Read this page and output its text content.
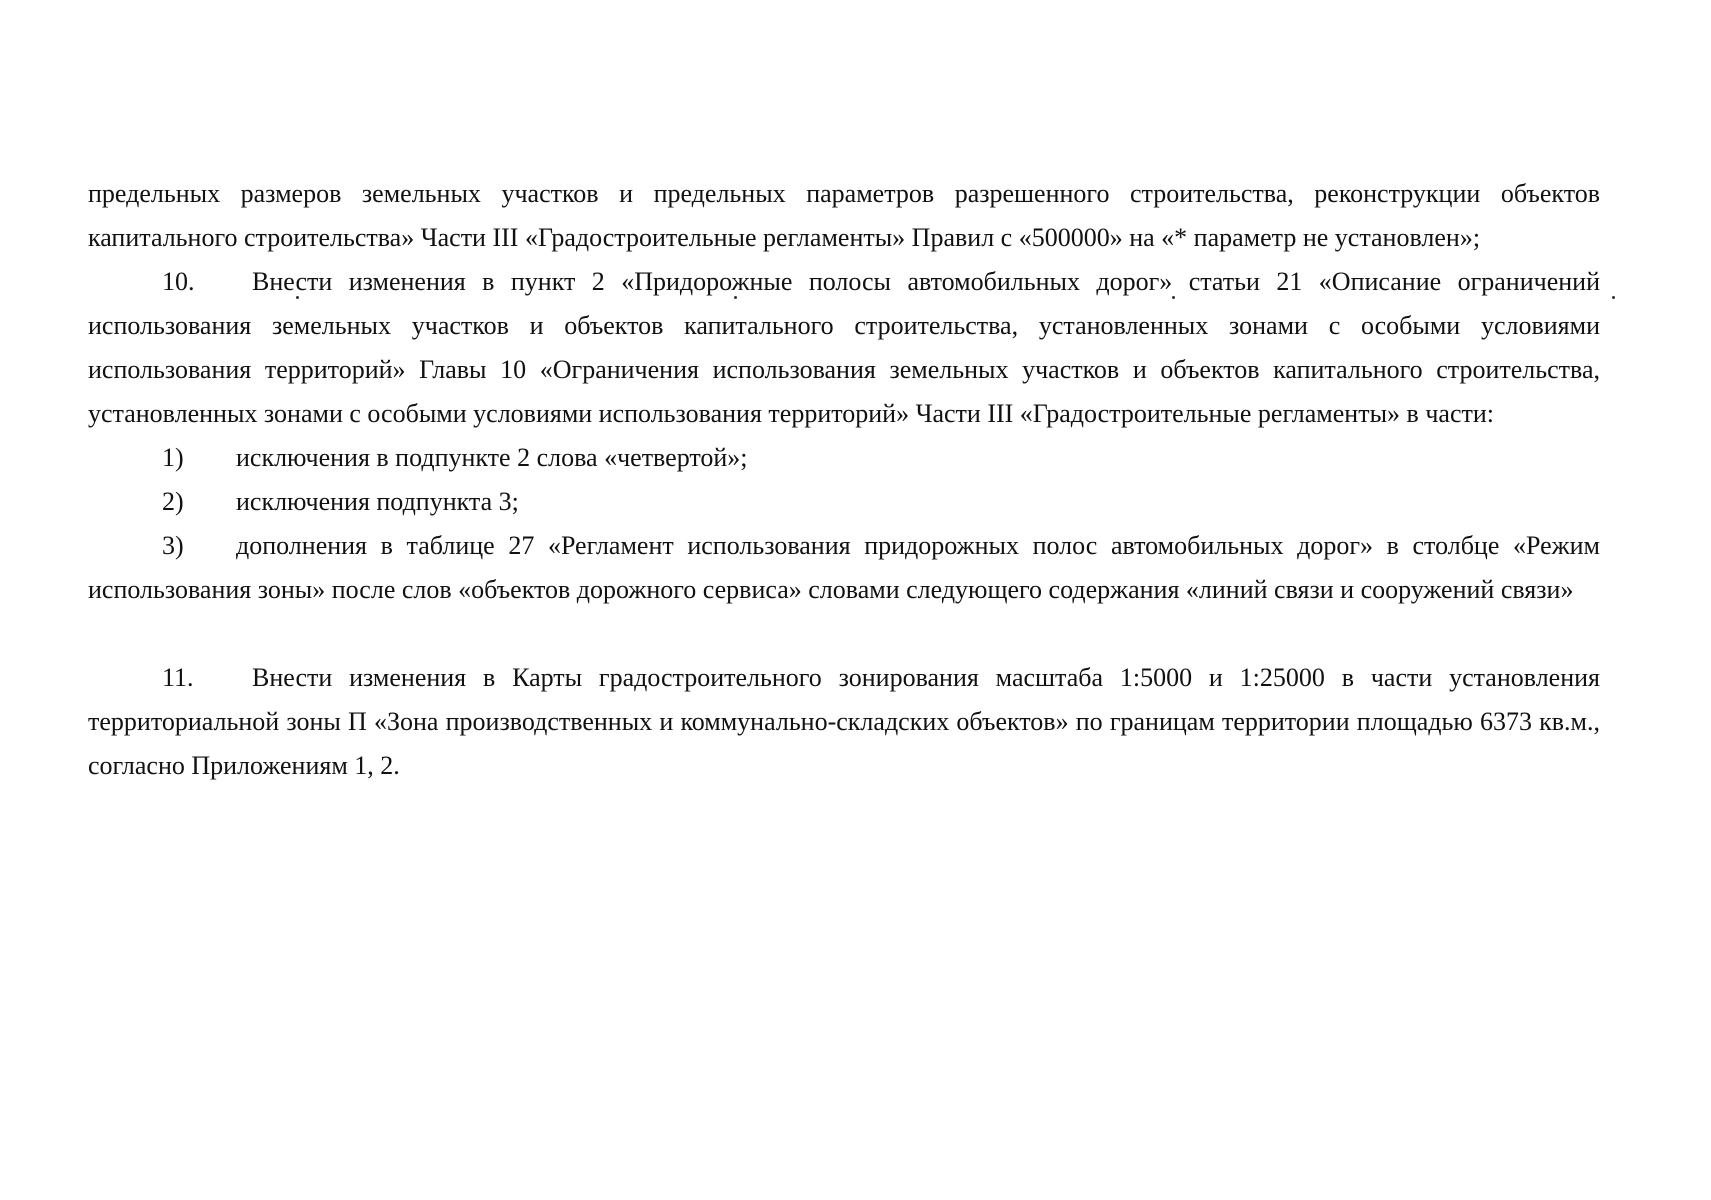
предельных размеров земельных участков и предельных параметров разрешенного строительства, реконструкции объектов капитального строительства» Части III «Градостроительные регламенты» Правил с «500000» на «* параметр не установлен»;

10. Внести изменения в пункт 2 «Придорожные полосы автомобильных дорог» статьи 21 «Описание ограничений использования земельных участков и объектов капитального строительства, установленных зонами с особыми условиями использования территорий» Главы 10 «Ограничения использования земельных участков и объектов капитального строительства, установленных зонами с особыми условиями использования территорий» Части III «Градостроительные регламенты» в части:

1) исключения в подпункте 2 слова «четвертой»;

2) исключения подпункта 3;

3) дополнения в таблице 27 «Регламент использования придорожных полос автомобильных дорог» в столбце «Режим использования зоны» после слов «объектов дорожного сервиса» словами следующего содержания «линий связи и сооружений связи»

11. Внести изменения в Карты градостроительного зонирования масштаба 1:5000 и 1:25000 в части установления территориальной зоны П «Зона производственных и коммунально-складских объектов» по границам территории площадью 6373 кв.м., согласно Приложениям 1, 2.
